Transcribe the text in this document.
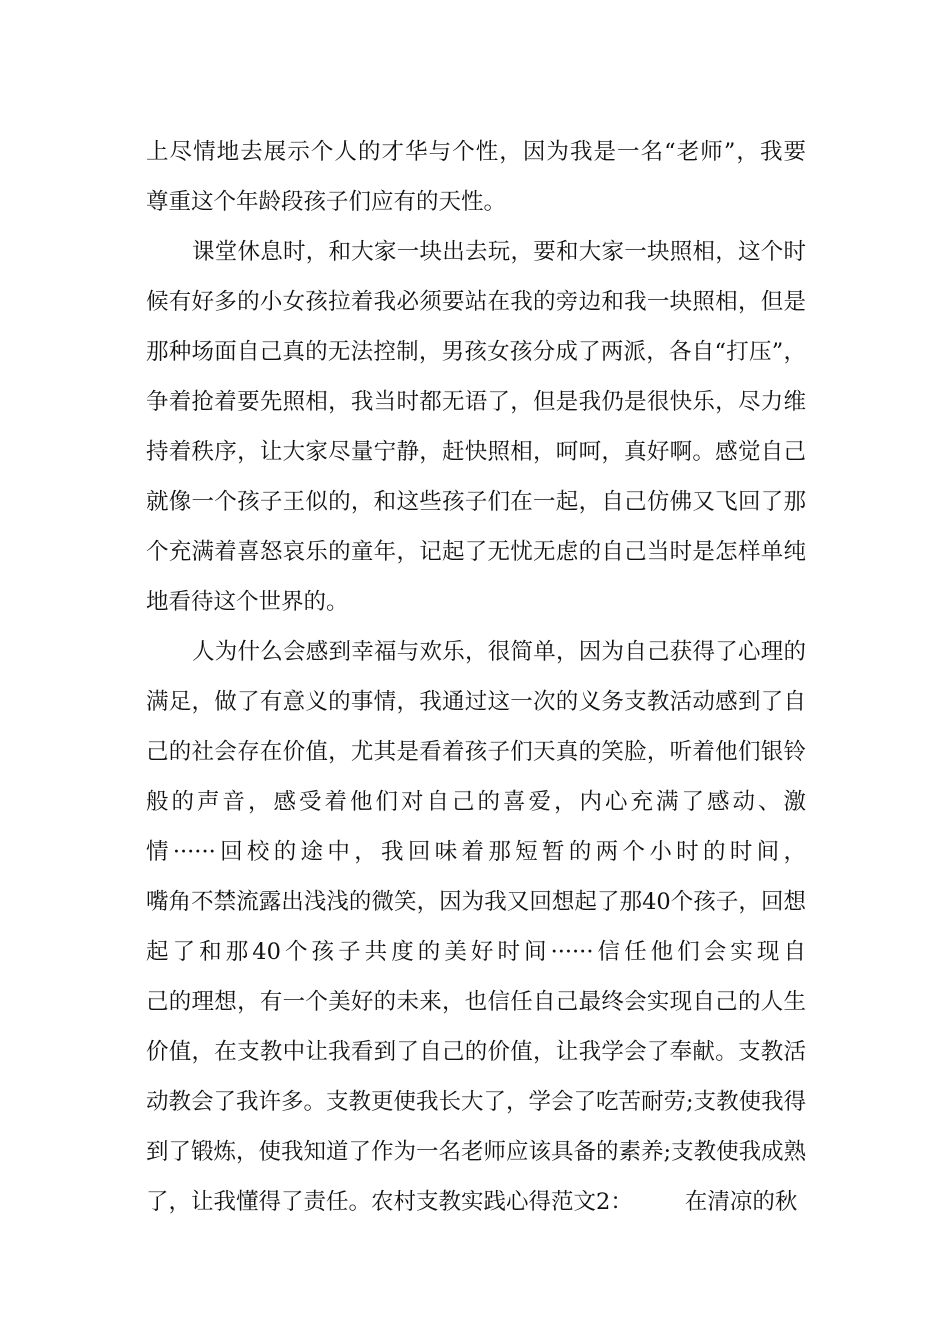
上尽情地去展示个人的才华与个性，因为我是一名“老师”，我要
尊重这个年龄段孩子们应有的天性。
课堂休息时，和大家一块出去玩，要和大家一块照相，这个时
候有好多的小女孩拉着我必须要站在我的旁边和我一块照相，但是
那种场面自己真的无法控制，男孩女孩分成了两派，各自“打压”，
争着抢着要先照相，我当时都无语了，但是我仍是很快乐，尽力维
持着秩序，让大家尽量宁静，赶快照相，呵呵，真好啊。感觉自己
就像一个孩子王似的，和这些孩子们在一起，自己仿佛又飞回了那
个充满着喜怒哀乐的童年，记起了无忧无虑的自己当时是怎样单纯
地看待这个世界的。
人为什么会感到幸福与欢乐，很简单，因为自己获得了心理的
满足，做了有意义的事情，我通过这一次的义务支教活动感到了自
己的社会存在价值，尤其是看着孩子们天真的笑脸，听着他们银铃
般的声音，感受着他们对自己的喜爱，内心充满了感动、激
情······回校的途中，我回味着那短暂的两个小时的时间，
嘴角不禁流露出浅浅的微笑，因为我又回想起了那40个孩子，回想
起了和那40个孩子共度的美好时间······信任他们会实现自
己的理想，有一个美好的未来，也信任自己最终会实现自己的人生
价值，在支教中让我看到了自己的价值，让我学会了奉献。支教活
动教会了我许多。支教更使我长大了，学会了吃苦耐劳;支教使我得
到了锻炼，使我知道了作为一名老师应该具备的素养;支教使我成熟
了，让我懂得了责任。农村支教实践心得范文2： 在清凉的秋
